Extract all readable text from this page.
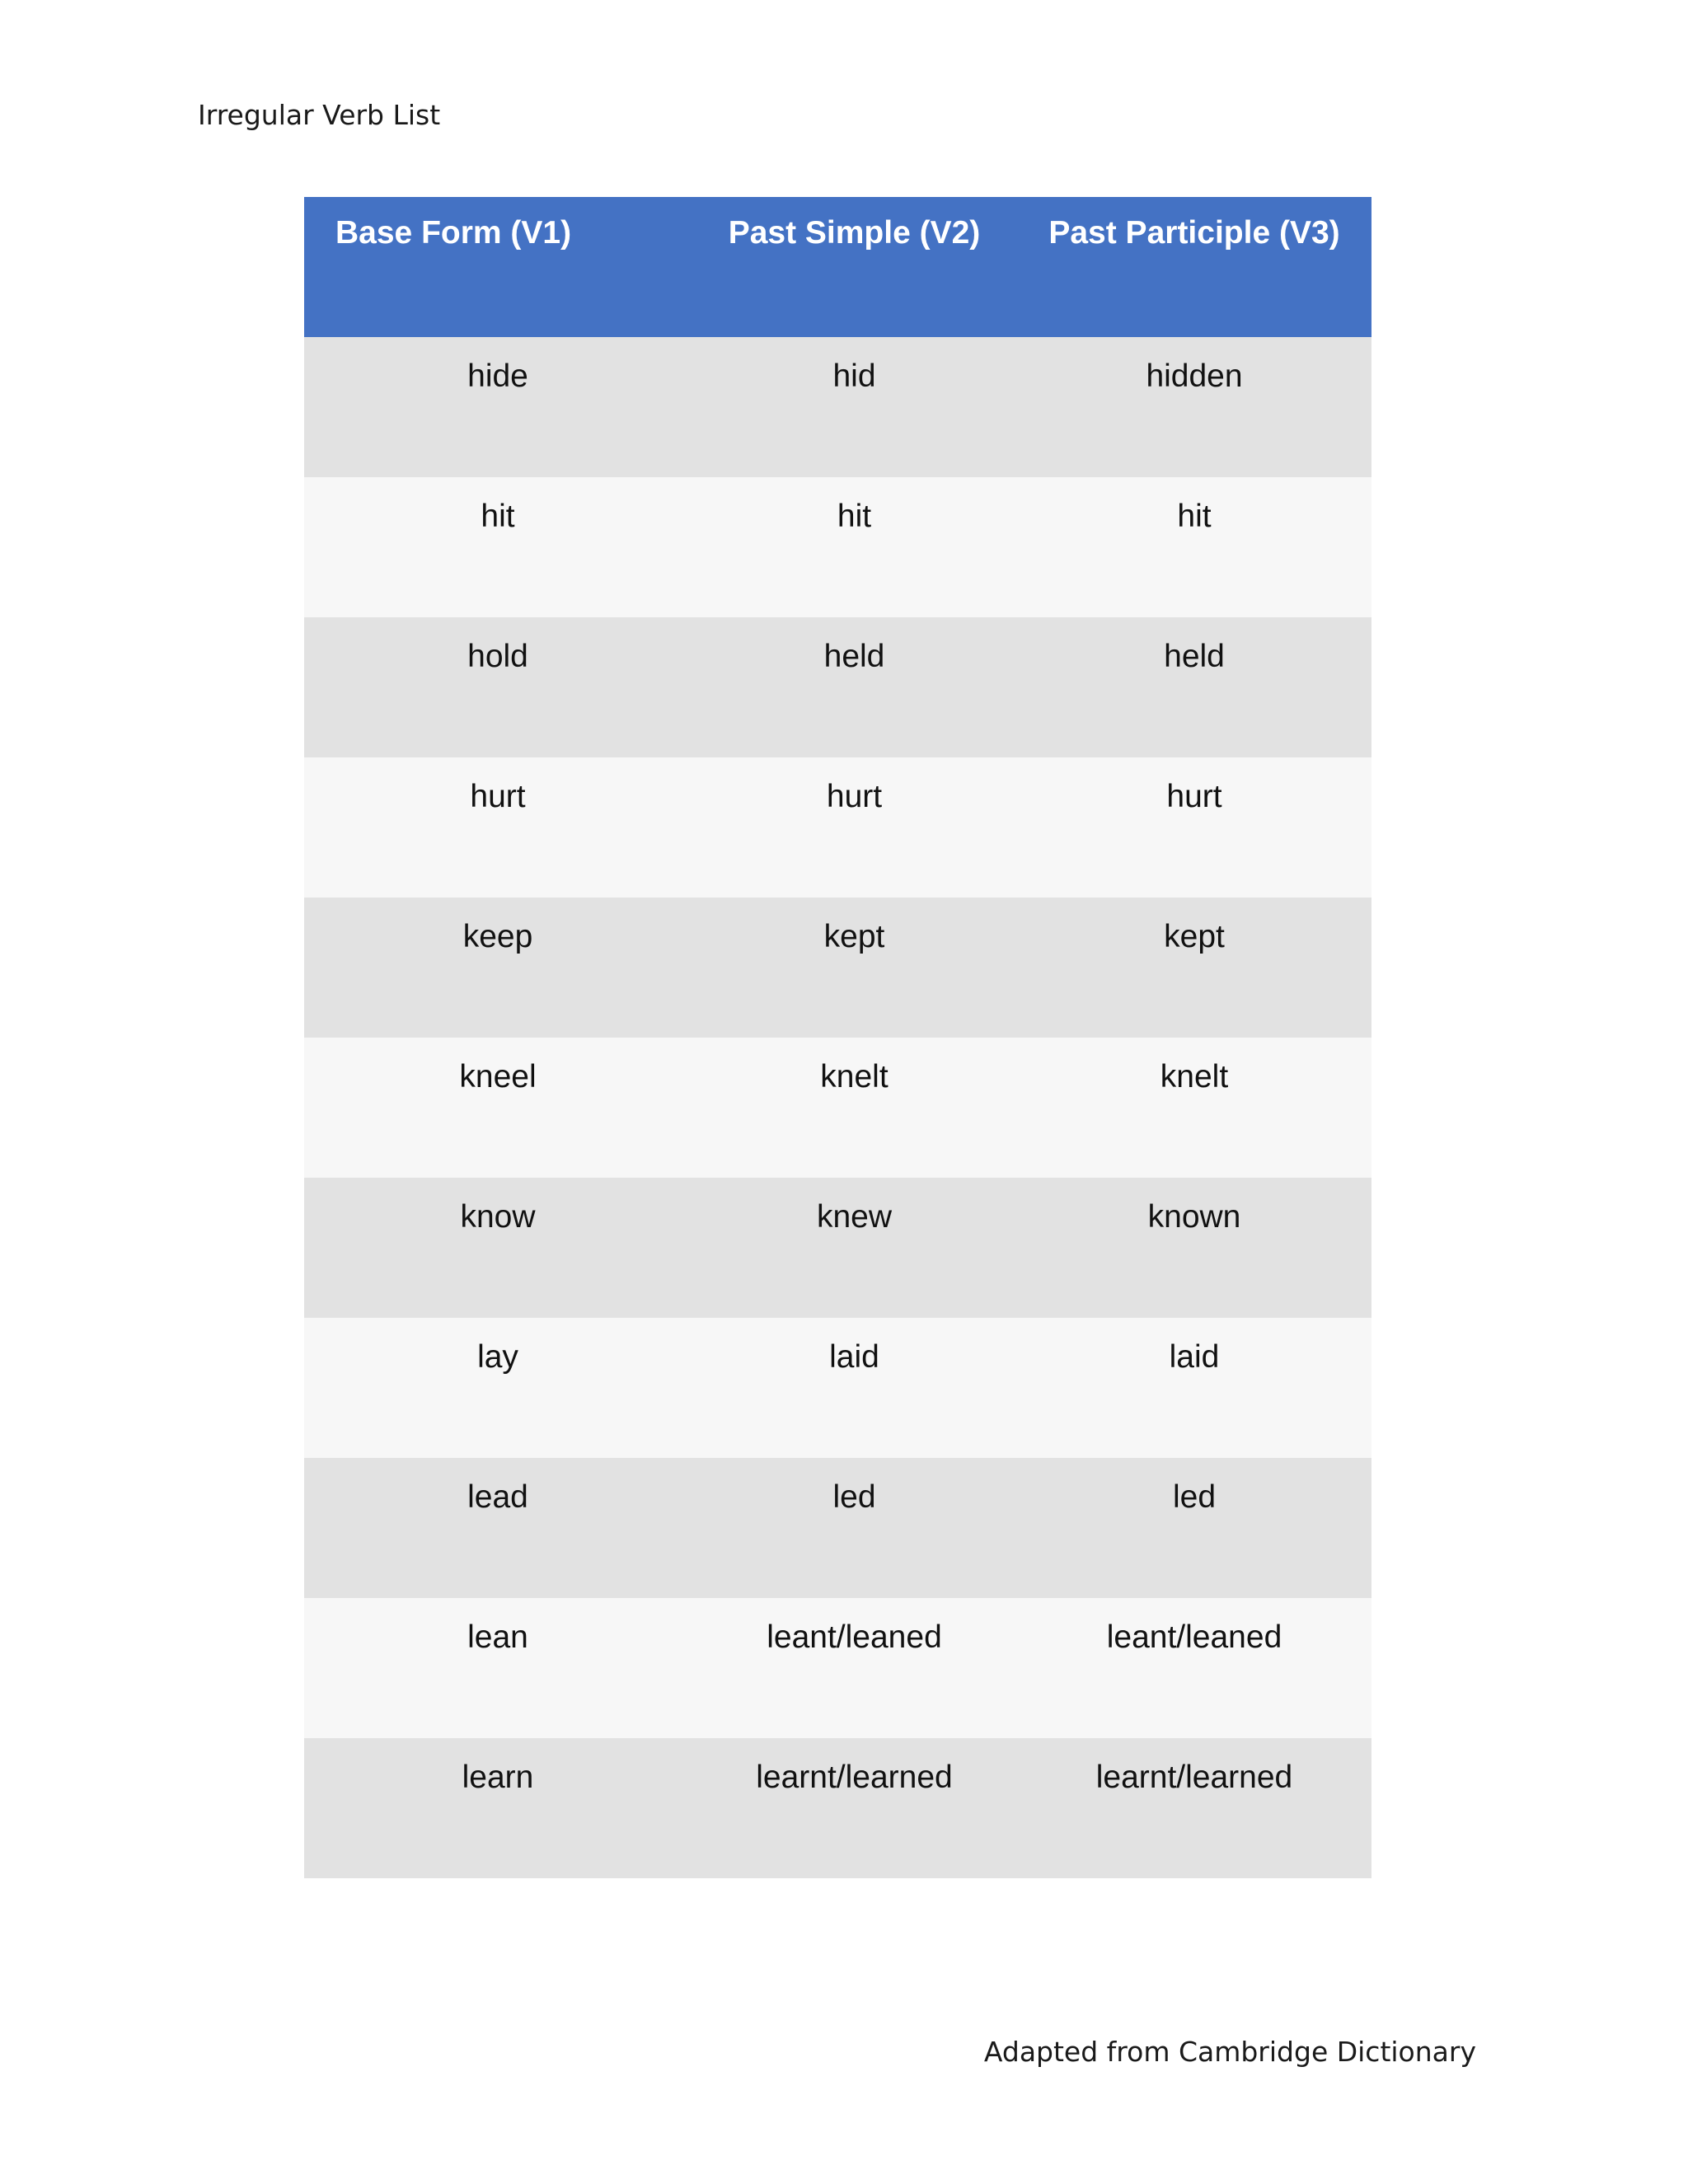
Irregular Verb List
Base Form (V1)	Past Simple (V2)	Past Participle (V3)
hide	hid	hidden
hit	hit	hit
hold	held	held
hurt	hurt	hurt
keep	kept	kept
kneel	knelt	knelt
know	knew	known
lay	laid	laid
lead	led	led
lean	leant/leaned	leant/leaned
learn	learnt/learned	learnt/learned
Adapted from Cambridge Dictionary
